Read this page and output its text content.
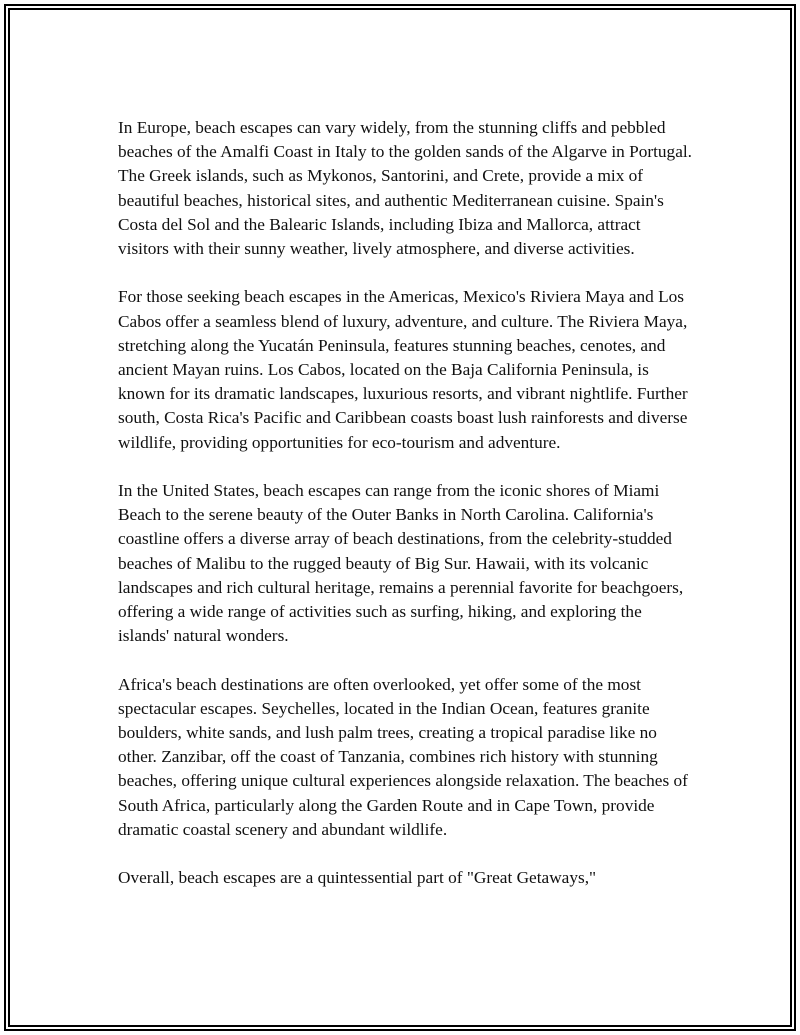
In Europe, beach escapes can vary widely, from the stunning cliffs and pebbled beaches of the Amalfi Coast in Italy to the golden sands of the Algarve in Portugal. The Greek islands, such as Mykonos, Santorini, and Crete, provide a mix of beautiful beaches, historical sites, and authentic Mediterranean cuisine. Spain's Costa del Sol and the Balearic Islands, including Ibiza and Mallorca, attract visitors with their sunny weather, lively atmosphere, and diverse activities.

For those seeking beach escapes in the Americas, Mexico's Riviera Maya and Los Cabos offer a seamless blend of luxury, adventure, and culture. The Riviera Maya, stretching along the Yucatán Peninsula, features stunning beaches, cenotes, and ancient Mayan ruins. Los Cabos, located on the Baja California Peninsula, is known for its dramatic landscapes, luxurious resorts, and vibrant nightlife. Further south, Costa Rica's Pacific and Caribbean coasts boast lush rainforests and diverse wildlife, providing opportunities for eco-tourism and adventure.

In the United States, beach escapes can range from the iconic shores of Miami Beach to the serene beauty of the Outer Banks in North Carolina. California's coastline offers a diverse array of beach destinations, from the celebrity-studded beaches of Malibu to the rugged beauty of Big Sur. Hawaii, with its volcanic landscapes and rich cultural heritage, remains a perennial favorite for beachgoers, offering a wide range of activities such as surfing, hiking, and exploring the islands' natural wonders.

Africa's beach destinations are often overlooked, yet offer some of the most spectacular escapes. Seychelles, located in the Indian Ocean, features granite boulders, white sands, and lush palm trees, creating a tropical paradise like no other. Zanzibar, off the coast of Tanzania, combines rich history with stunning beaches, offering unique cultural experiences alongside relaxation. The beaches of South Africa, particularly along the Garden Route and in Cape Town, provide dramatic coastal scenery and abundant wildlife.

Overall, beach escapes are a quintessential part of "Great Getaways,"
